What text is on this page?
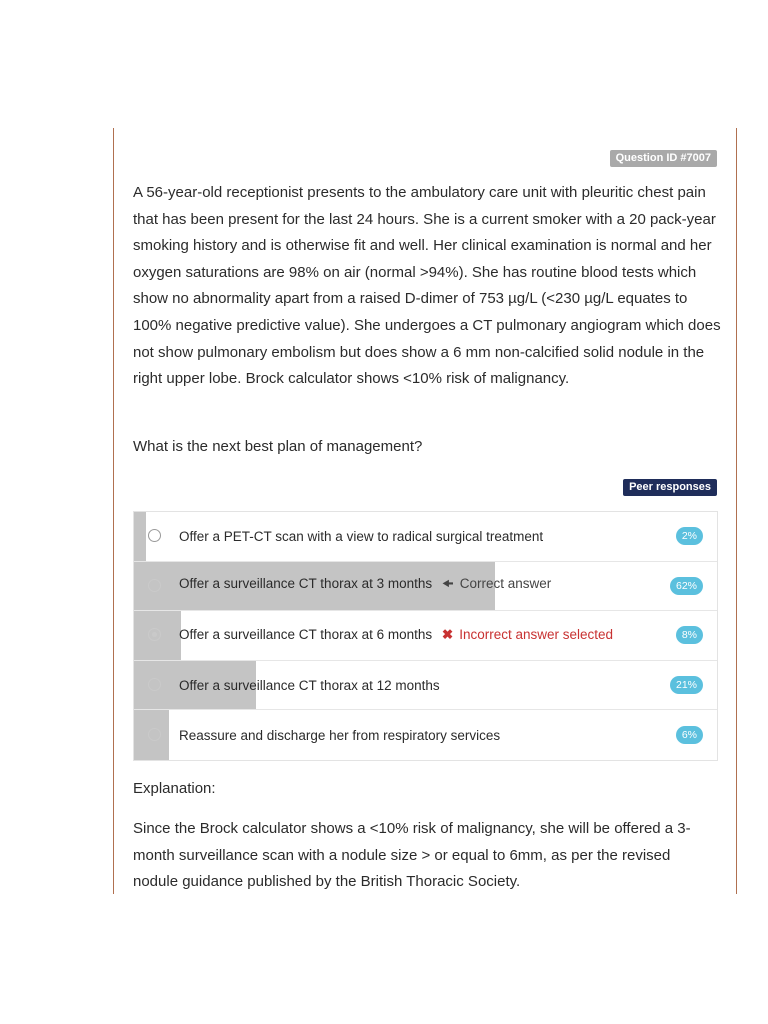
Question ID #7007

A 56-year-old receptionist presents to the ambulatory care unit with pleuritic chest pain that has been present for the last 24 hours. She is a current smoker with a 20 pack-year smoking history and is otherwise fit and well. Her clinical examination is normal and her oxygen saturations are 98% on air (normal >94%). She has routine blood tests which show no abnormality apart from a raised D-dimer of 753 µg/L (<230 µg/L equates to 100% negative predictive value). She undergoes a CT pulmonary angiogram which does not show pulmonary embolism but does show a 6 mm non-calcified solid nodule in the right upper lobe. Brock calculator shows <10% risk of malignancy.

What is the next best plan of management?

Peer responses
Offer a PET-CT scan with a view to radical surgical treatment	2%
Offer a surveillance CT thorax at 3 months 🠜 Correct answer	62%
Offer a surveillance CT thorax at 6 months ✖ Incorrect answer selected	8%
Offer a surveillance CT thorax at 12 months	21%
Reassure and discharge her from respiratory services	6%

Explanation:

Since the Brock calculator shows a <10% risk of malignancy, she will be offered a 3-month surveillance scan with a nodule size > or equal to 6mm, as per the revised nodule guidance published by the British Thoracic Society.
